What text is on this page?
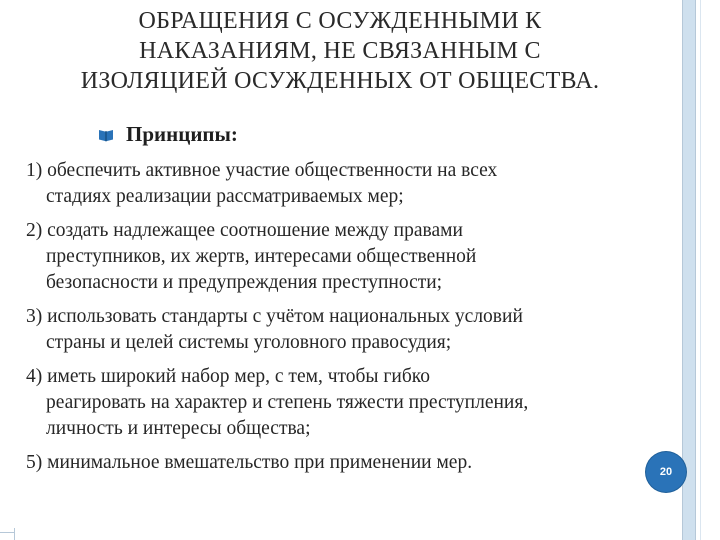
ОБРАЩЕНИЯ С ОСУЖДЕННЫМИ К
НАКАЗАНИЯМ, НЕ СВЯЗАННЫМ С
ИЗОЛЯЦИЕЙ ОСУЖДЕННЫХ ОТ ОБЩЕСТВА.
Принципы:
1) обеспечить активное участие общественности на всех
стадиях реализации рассматриваемых мер;
2) создать надлежащее соотношение между правами
преступников, их жертв, интересами общественной
безопасности и предупреждения преступности;
3) использовать стандарты с учётом национальных условий
страны и целей системы уголовного правосудия;
4) иметь широкий набор мер, с тем, чтобы гибко
реагировать на характер и степень тяжести преступления,
личность и интересы общества;
5) минимальное вмешательство при применении мер.	20
